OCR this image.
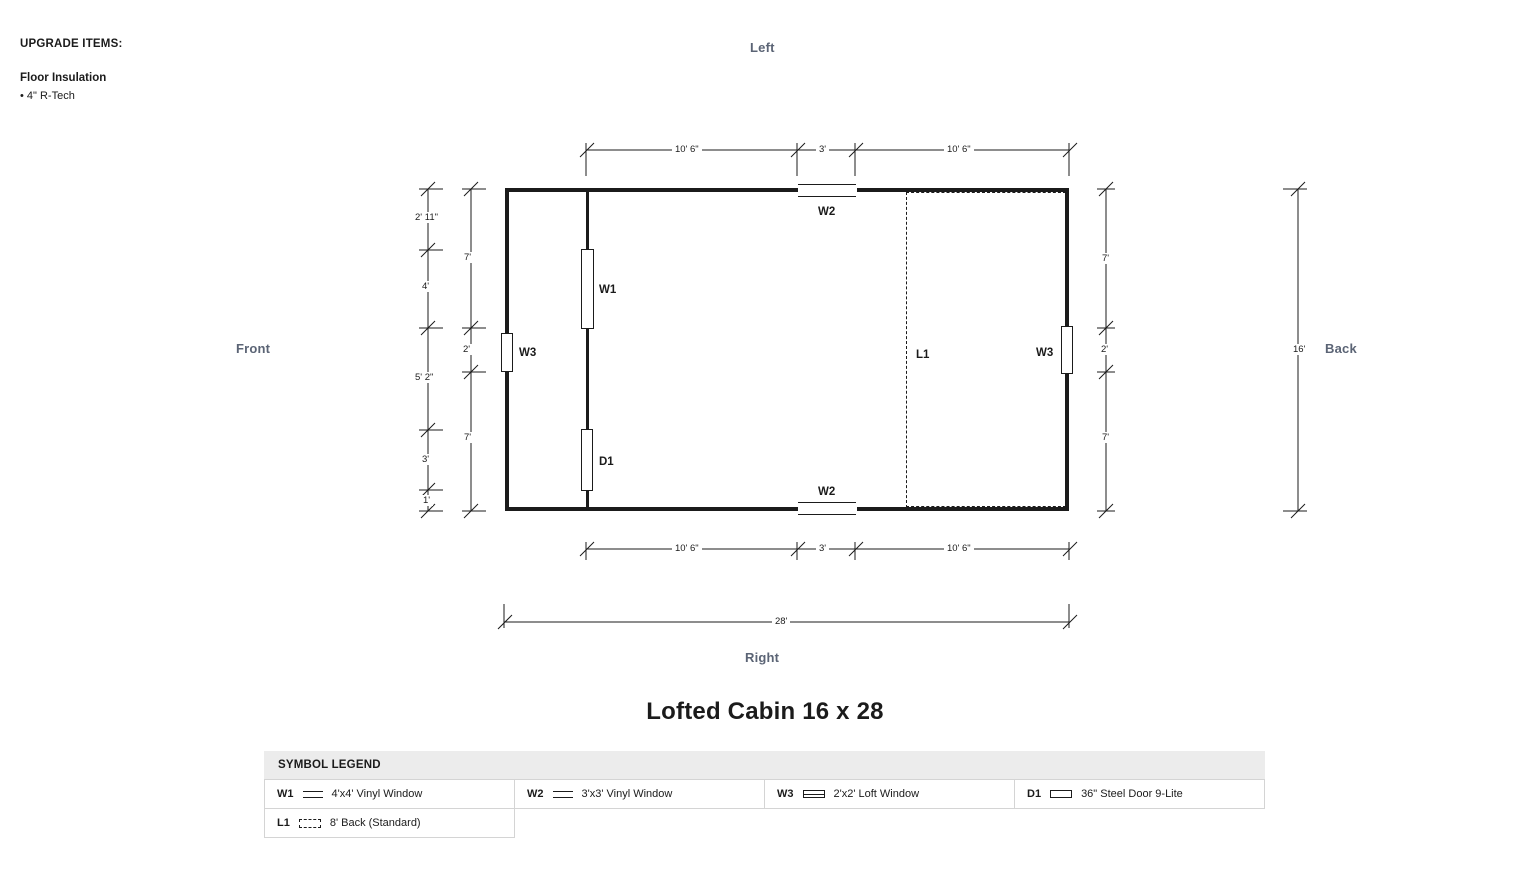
UPGRADE ITEMS:

Floor Insulation

• 4" R-Tech

Left
Right
Front	Back
L1
W2
W2
W1
D1
W3	W3
10' 6"	3'	10' 6"
10' 6"	3'	10' 6"
28'
16'
2' 11"
4'
5' 2"
3'
1'
7'
2'
7'
7'
2'
7'
Lofted Cabin 16 x 28
SYMBOL LEGEND
W1 4'x4' Vinyl Window	W2 3'x3' Vinyl Window	W3 2'x2' Loft Window	D1 36" Steel Door 9-Lite

L1 8' Back (Standard)			
